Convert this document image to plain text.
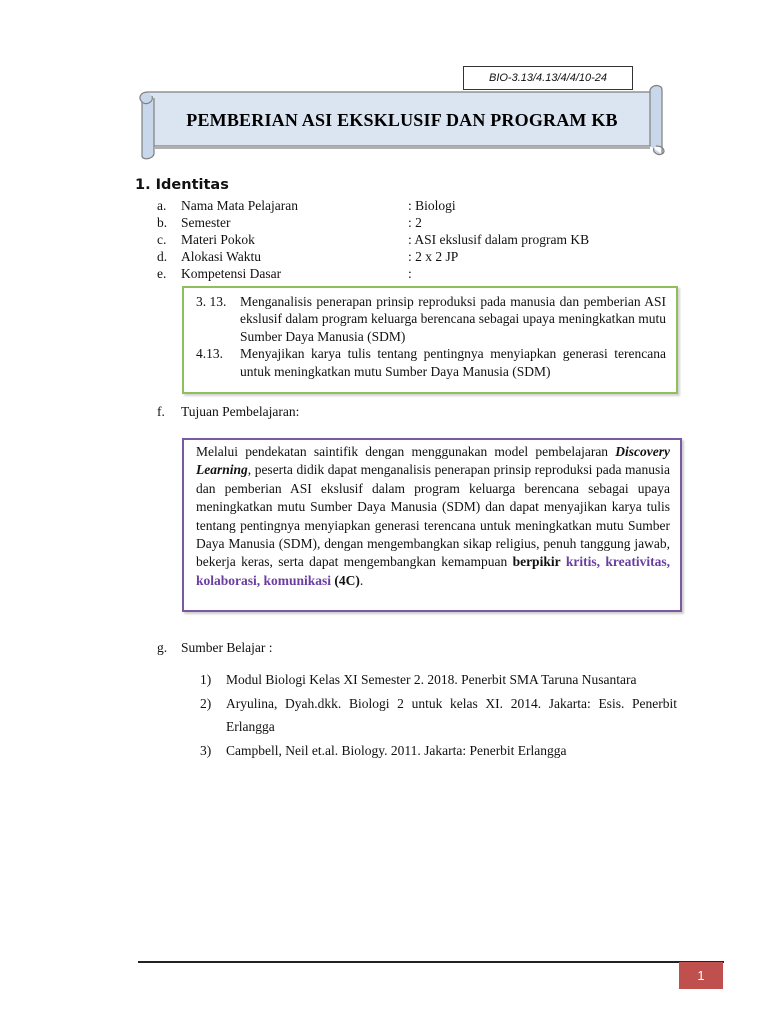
BIO-3.13/4.13/4/4/10-24
PEMBERIAN ASI EKSKLUSIF DAN PROGRAM KB
1. Identitas
a. Nama Mata Pelajaran	: Biologi
b. Semester	: 2
c. Materi Pokok	: ASI ekslusif dalam program KB
d. Alokasi Waktu	: 2 x 2 JP
e. Kompetensi Dasar	:
3. 13. Menganalisis penerapan prinsip reproduksi pada manusia dan pemberian ASI ekslusif dalam program keluarga berencana sebagai upaya meningkatkan mutu Sumber Daya Manusia (SDM)
4.13. Menyajikan karya tulis tentang pentingnya menyiapkan generasi terencana untuk meningkatkan mutu Sumber Daya Manusia (SDM)
f. Tujuan Pembelajaran:
Melalui pendekatan saintifik dengan menggunakan model pembelajaran Discovery Learning, peserta didik dapat menganalisis penerapan prinsip reproduksi pada manusia dan pemberian ASI ekslusif dalam program keluarga berencana sebagai upaya meningkatkan mutu Sumber Daya Manusia (SDM) dan dapat menyajikan karya tulis tentang pentingnya menyiapkan generasi terencana untuk meningkatkan mutu Sumber Daya Manusia (SDM), dengan mengembangkan sikap religius, penuh tanggung jawab, bekerja keras, serta dapat mengembangkan kemampuan berpikir kritis, kreativitas, kolaborasi, komunikasi (4C).
g. Sumber Belajar :
1) Modul Biologi Kelas XI Semester 2. 2018. Penerbit SMA Taruna Nusantara
2) Aryulina, Dyah.dkk. Biologi 2 untuk kelas XI. 2014. Jakarta: Esis. Penerbit Erlangga
3) Campbell, Neil et.al. Biology. 2011. Jakarta: Penerbit Erlangga
1
